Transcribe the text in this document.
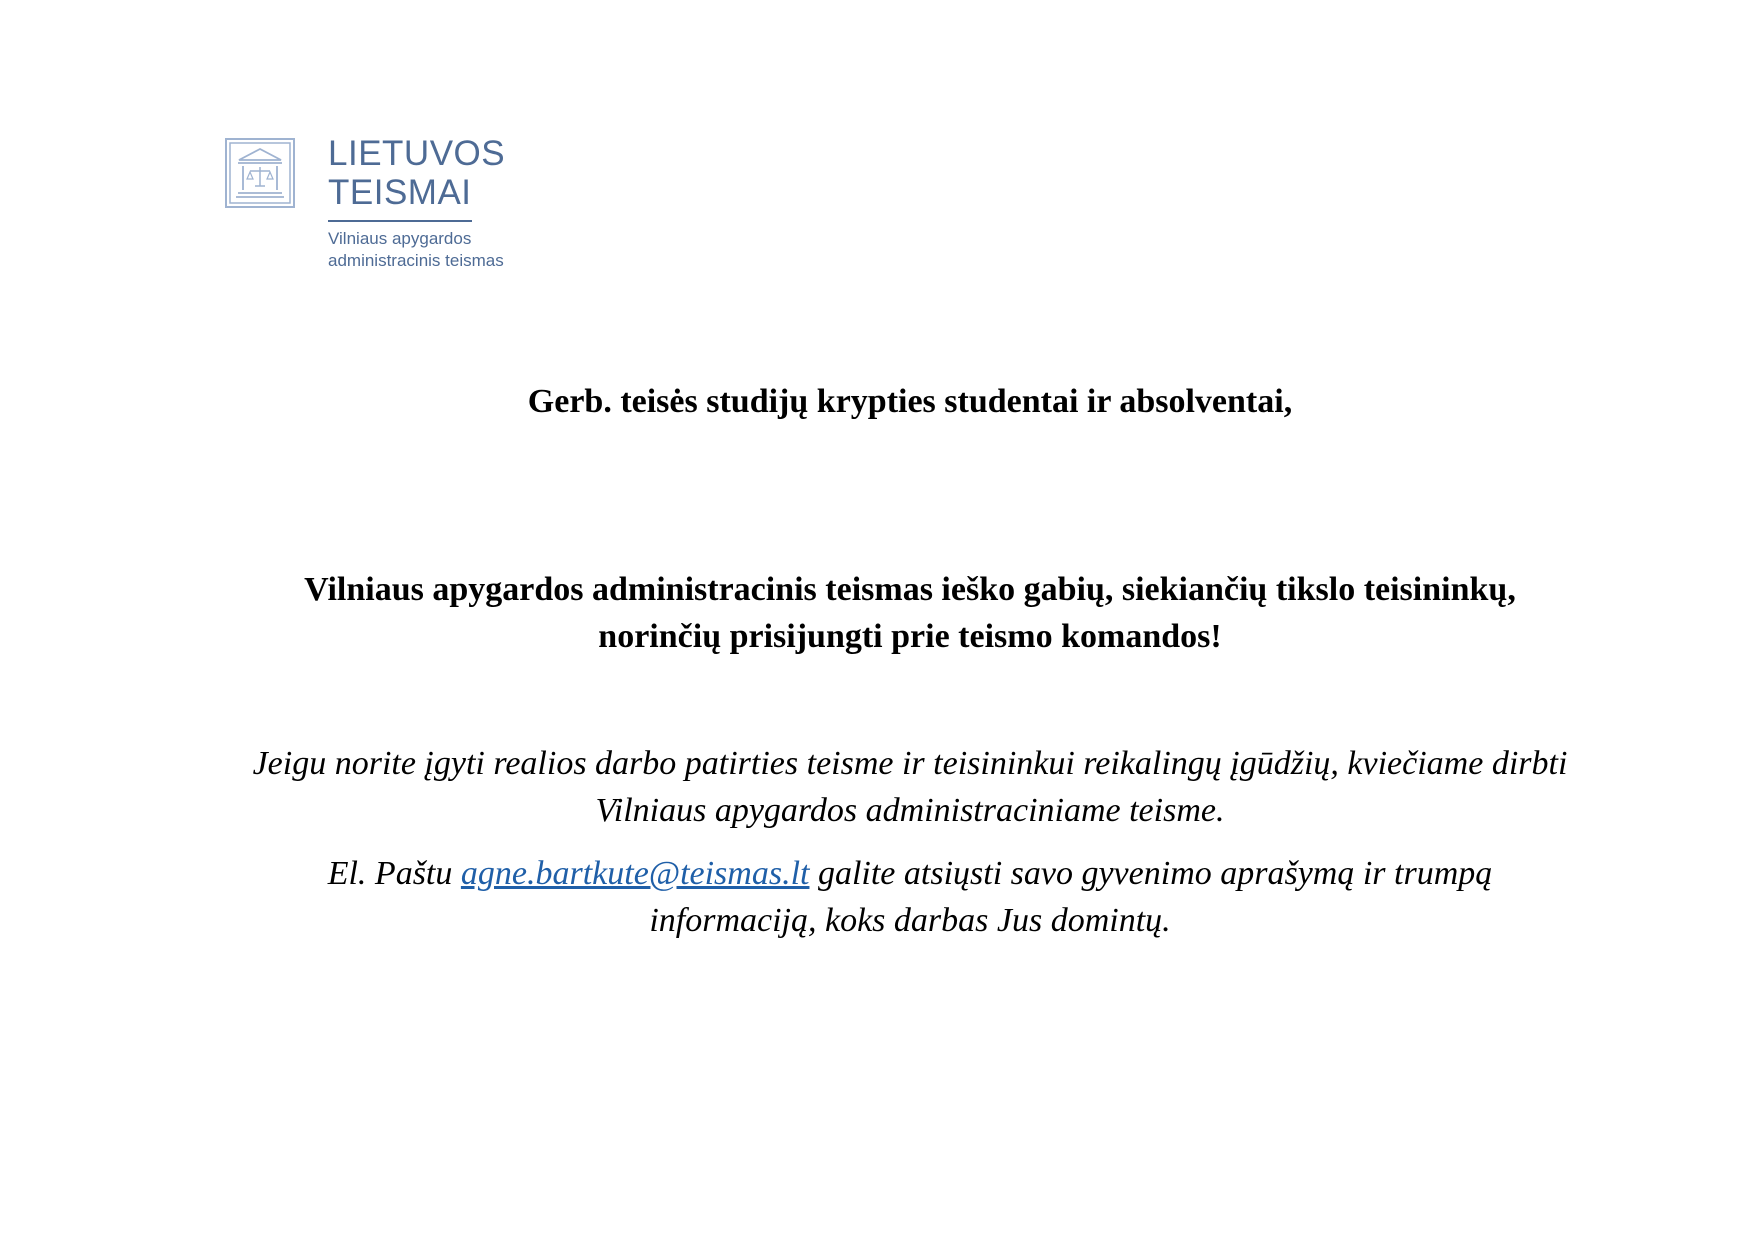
LIETUVOS
TEISMAI
Vilniaus apygardos
administracinis teismas
Gerb. teisės studijų krypties studentai ir absolventai,
Vilniaus apygardos administracinis teismas ieško gabių, siekiančių tikslo teisininkų,
norinčių prisijungti prie teismo komandos!
Jeigu norite įgyti realios darbo patirties teisme ir teisininkui reikalingų įgūdžių, kviečiame dirbti
Vilniaus apygardos administraciniame teisme.
El. Paštu agne.bartkute@teismas.lt galite atsiųsti savo gyvenimo aprašymą ir trumpą
informaciją, koks darbas Jus domintų.
